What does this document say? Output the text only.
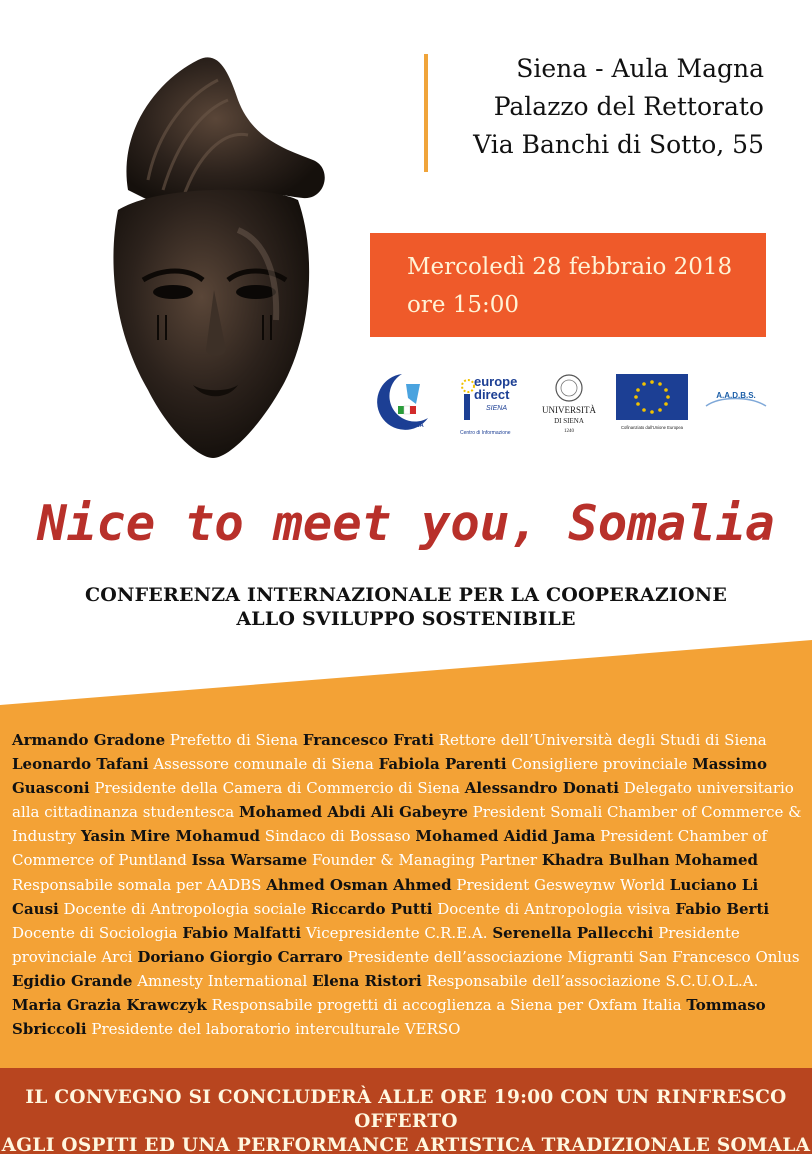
Siena - Aula Magna
Palazzo del Rettorato
Via Banchi di Sotto, 55
Mercoledì 28 febbraio 2018
ore 15:00
SOMALIA
europe
direct
SIENA
Centro di Informazione
UNIVERSITÀ
DI SIENA
1240
Cofinanziato dall'Unione Europea
A.A.D.B.S.
Nice to meet you, Somalia
CONFERENZA INTERNAZIONALE PER LA COOPERAZIONE
ALLO SVILUPPO SOSTENIBILE
Armando Gradone Prefetto di Siena Francesco Frati Rettore dell’Università degli Studi di Siena Leonardo Tafani Assessore comunale di Siena Fabiola Parenti Consigliere provinciale Massimo Guasconi Presidente della Camera di Commercio di Siena Alessandro Donati Delegato universitario alla cittadinanza studentesca Mohamed Abdi Ali Gabeyre President Somali Chamber of Commerce & Industry Yasin Mire Mohamud Sindaco di Bossaso Mohamed Aidid Jama President Chamber of Commerce of Puntland Issa Warsame Founder & Managing Partner Khadra Bulhan Mohamed Responsabile somala per AADBS Ahmed Osman Ahmed President Gesweynw World Luciano Li Causi Docente di Antropologia sociale Riccardo Putti Docente di Antropologia visiva Fabio Berti Docente di Sociologia Fabio Malfatti Vicepresidente C.R.E.A. Serenella Pallecchi Presidente provinciale Arci Doriano Giorgio Carraro Presidente dell’associazione Migranti San Francesco Onlus Egidio Grande Amnesty International Elena Ristori Responsabile dell’associazione S.C.U.O.L.A. Maria Grazia Krawczyk Responsabile progetti di accoglienza a Siena per Oxfam Italia Tommaso Sbriccoli Presidente del laboratorio interculturale VERSO
IL CONVEGNO SI CONCLUDERÀ ALLE ORE 19:00 CON UN RINFRESCO OFFERTO
AGLI OSPITI ED UNA PERFORMANCE ARTISTICA TRADIZIONALE SOMALA
